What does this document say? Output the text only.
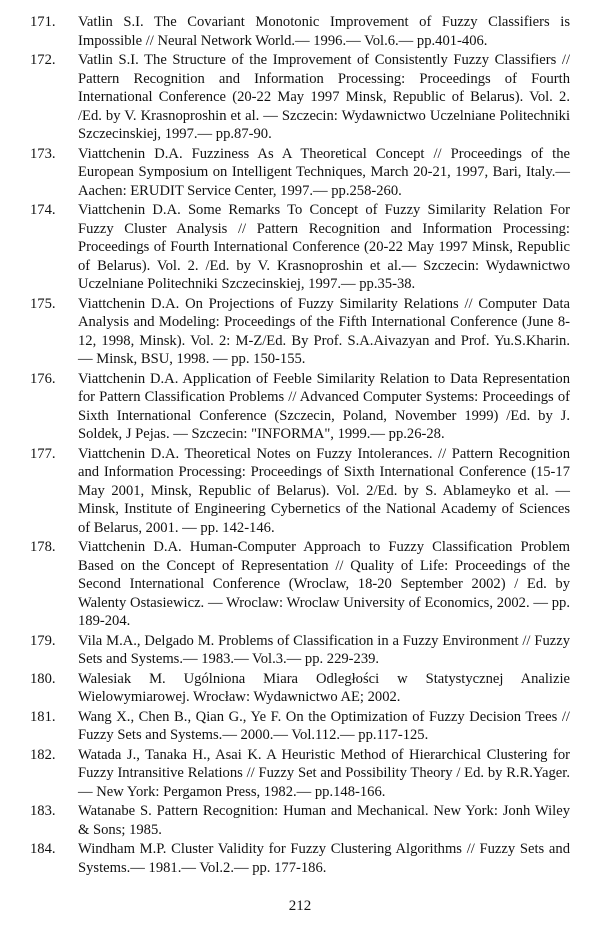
171.	Vatlin S.I. The Covariant Monotonic Improvement of Fuzzy Classifiers is Impossible // Neural Network World.— 1996.— Vol.6.— pp.401-406.
172.	Vatlin S.I. The Structure of the Improvement of Consistently Fuzzy Classifiers // Pattern Recognition and Information Processing: Proceedings of Fourth International Conference (20-22 May 1997 Minsk, Republic of Belarus). Vol. 2. /Ed. by V. Krasnoproshin et al. — Szczecin: Wydawnictwo Uczelniane Politechniki Szczecinskiej, 1997.— pp.87-90.
173.	Viattchenin D.A. Fuzziness As A Theoretical Concept // Proceedings of the European Symposium on Intelligent Techniques, March 20-21, 1997, Bari, Italy.— Aachen: ERUDIT Service Center, 1997.— pp.258-260.
174.	Viattchenin D.A. Some Remarks To Concept of Fuzzy Similarity Relation For Fuzzy Cluster Analysis // Pattern Recognition and Information Processing: Proceedings of Fourth International Conference (20-22 May 1997 Minsk, Republic of Belarus). Vol. 2. /Ed. by V. Krasnoproshin et al.— Szczecin: Wydawnictwo Uczelniane Politechniki Szczecinskiej, 1997.— pp.35-38.
175.	Viattchenin D.A. On Projections of Fuzzy Similarity Relations // Computer Data Analysis and Modeling: Proceedings of the Fifth International Conference (June 8-12, 1998, Minsk). Vol. 2: M-Z/Ed. By Prof. S.A.Aivazyan and Prof. Yu.S.Kharin. — Minsk, BSU, 1998. — pp. 150-155.
176.	Viattchenin D.A. Application of Feeble Similarity Relation to Data Representation for Pattern Classification Problems // Advanced Computer Systems: Proceedings of Sixth International Conference (Szczecin, Poland, November 1999) /Ed. by J. Soldek, J Pejas. — Szczecin: "INFORMA", 1999.— pp.26-28.
177.	Viattchenin D.A. Theoretical Notes on Fuzzy Intolerances. // Pattern Recognition and Information Processing: Proceedings of Sixth International Conference (15-17 May 2001, Minsk, Republic of Belarus). Vol. 2/Ed. by S. Ablameyko et al. — Minsk, Institute of Engineering Cybernetics of the National Academy of Sciences of Belarus, 2001. — pp. 142-146.
178.	Viattchenin D.A. Human-Computer Approach to Fuzzy Classification Problem Based on the Concept of Representation // Quality of Life: Proceedings of the Second International Conference (Wroclaw, 18-20 September 2002) / Ed. by Walenty Ostasiewicz. — Wroclaw: Wroclaw University of Economics, 2002. — pp. 189-204.
179.	Vila M.A., Delgado M. Problems of Classification in a Fuzzy Environment // Fuzzy Sets and Systems.— 1983.— Vol.3.— pp. 229-239.
180.	Walesiak M. Ugólniona Miara Odległości w Statystycznej Analizie Wielowymiarowej. Wrocław: Wydawnictwo AE; 2002.
181.	Wang X., Chen B., Qian G., Ye F. On the Optimization of Fuzzy Decision Trees // Fuzzy Sets and Systems.— 2000.— Vol.112.— pp.117-125.
182.	Watada J., Tanaka H., Asai K. A Heuristic Method of Hierarchical Clustering for Fuzzy Intransitive Relations // Fuzzy Set and Possibility Theory / Ed. by R.R.Yager. — New York: Pergamon Press, 1982.— pp.148-166.
183.	Watanabe S. Pattern Recognition: Human and Mechanical. New York: Jonh Wiley & Sons; 1985.
184.	Windham M.P. Cluster Validity for Fuzzy Clustering Algorithms // Fuzzy Sets and Systems.— 1981.— Vol.2.— pp. 177-186.
212
